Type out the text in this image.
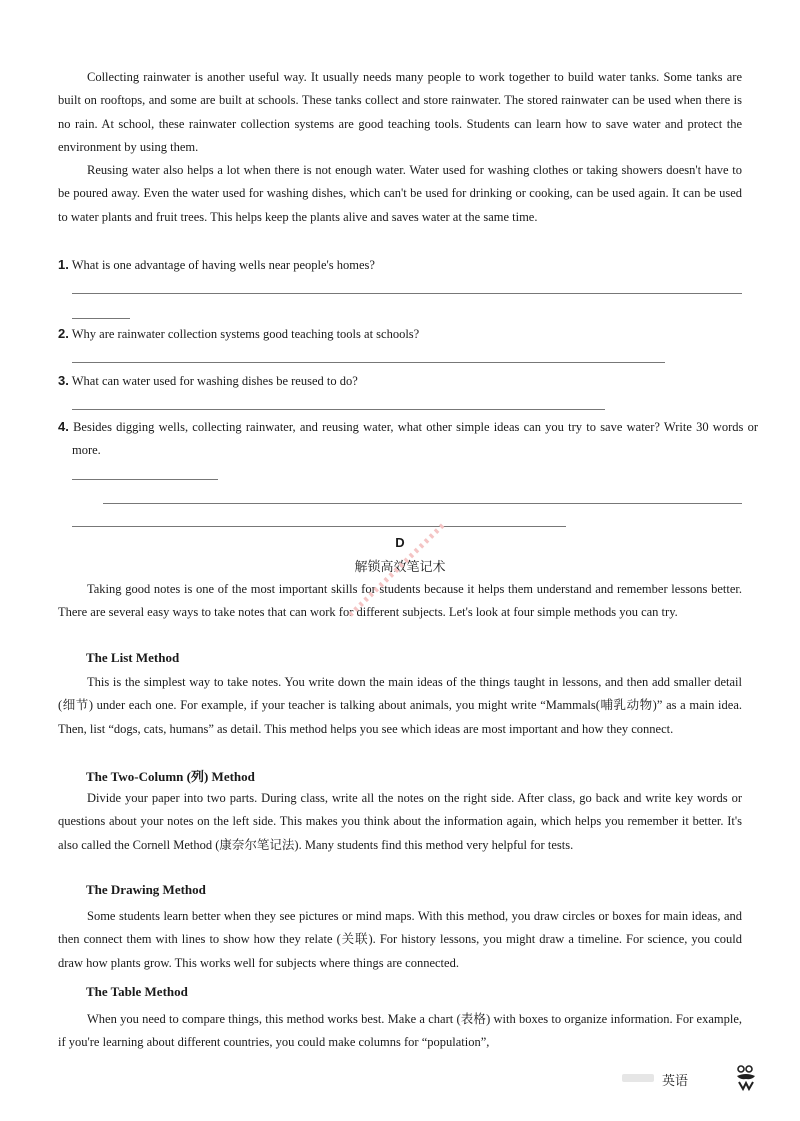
Collecting rainwater is another useful way. It usually needs many people to work together to build water tanks. Some tanks are built on rooftops, and some are built at schools. These tanks collect and store rainwater. The stored rainwater can be used when there is no rain. At school, these rainwater collection systems are good teaching tools. Students can learn how to save water and protect the environment by using them.

Reusing water also helps a lot when there is not enough water. Water used for washing clothes or taking showers doesn't have to be poured away. Even the water used for washing dishes, which can't be used for drinking or cooking, can be used again. It can be used to water plants and fruit trees. This helps keep the plants alive and saves water at the same time.

1. What is one advantage of having wells near people's homes?

2. Why are rainwater collection systems good teaching tools at schools?

3. What can water used for washing dishes be reused to do?

4. Besides digging wells, collecting rainwater, and reusing water, what other simple ideas can you try to save water? Write 30 words or more.

D
解锁高效笔记术

Taking good notes is one of the most important skills for students because it helps them understand and remember lessons better. There are several easy ways to take notes that can work for different subjects. Let's look at four simple methods you can try.

The List Method

This is the simplest way to take notes. You write down the main ideas of the things taught in lessons, and then add smaller detail (细节) under each one. For example, if your teacher is talking about animals, you might write “Mammals(哺乳动物)” as a main idea. Then, list “dogs, cats, humans” as detail. This method helps you see which ideas are most important and how they connect.

The Two-Column (列) Method

Divide your paper into two parts. During class, write all the notes on the right side. After class, go back and write key words or questions about your notes on the left side. This makes you think about the information again, which helps you remember it better. It's also called the Cornell Method (康奈尔笔记法). Many students find this method very helpful for tests.

The Drawing Method

Some students learn better when they see pictures or mind maps. With this method, you draw circles or boxes for main ideas, and then connect them with lines to show how they relate (关联). For history lessons, you might draw a timeline. For science, you could draw how plants grow. This works well for subjects where things are connected.

The Table Method

When you need to compare things, this method works best. Make a chart (表格) with boxes to organize information. For example, if you're learning about different countries, you could make columns for “population”,

英语
